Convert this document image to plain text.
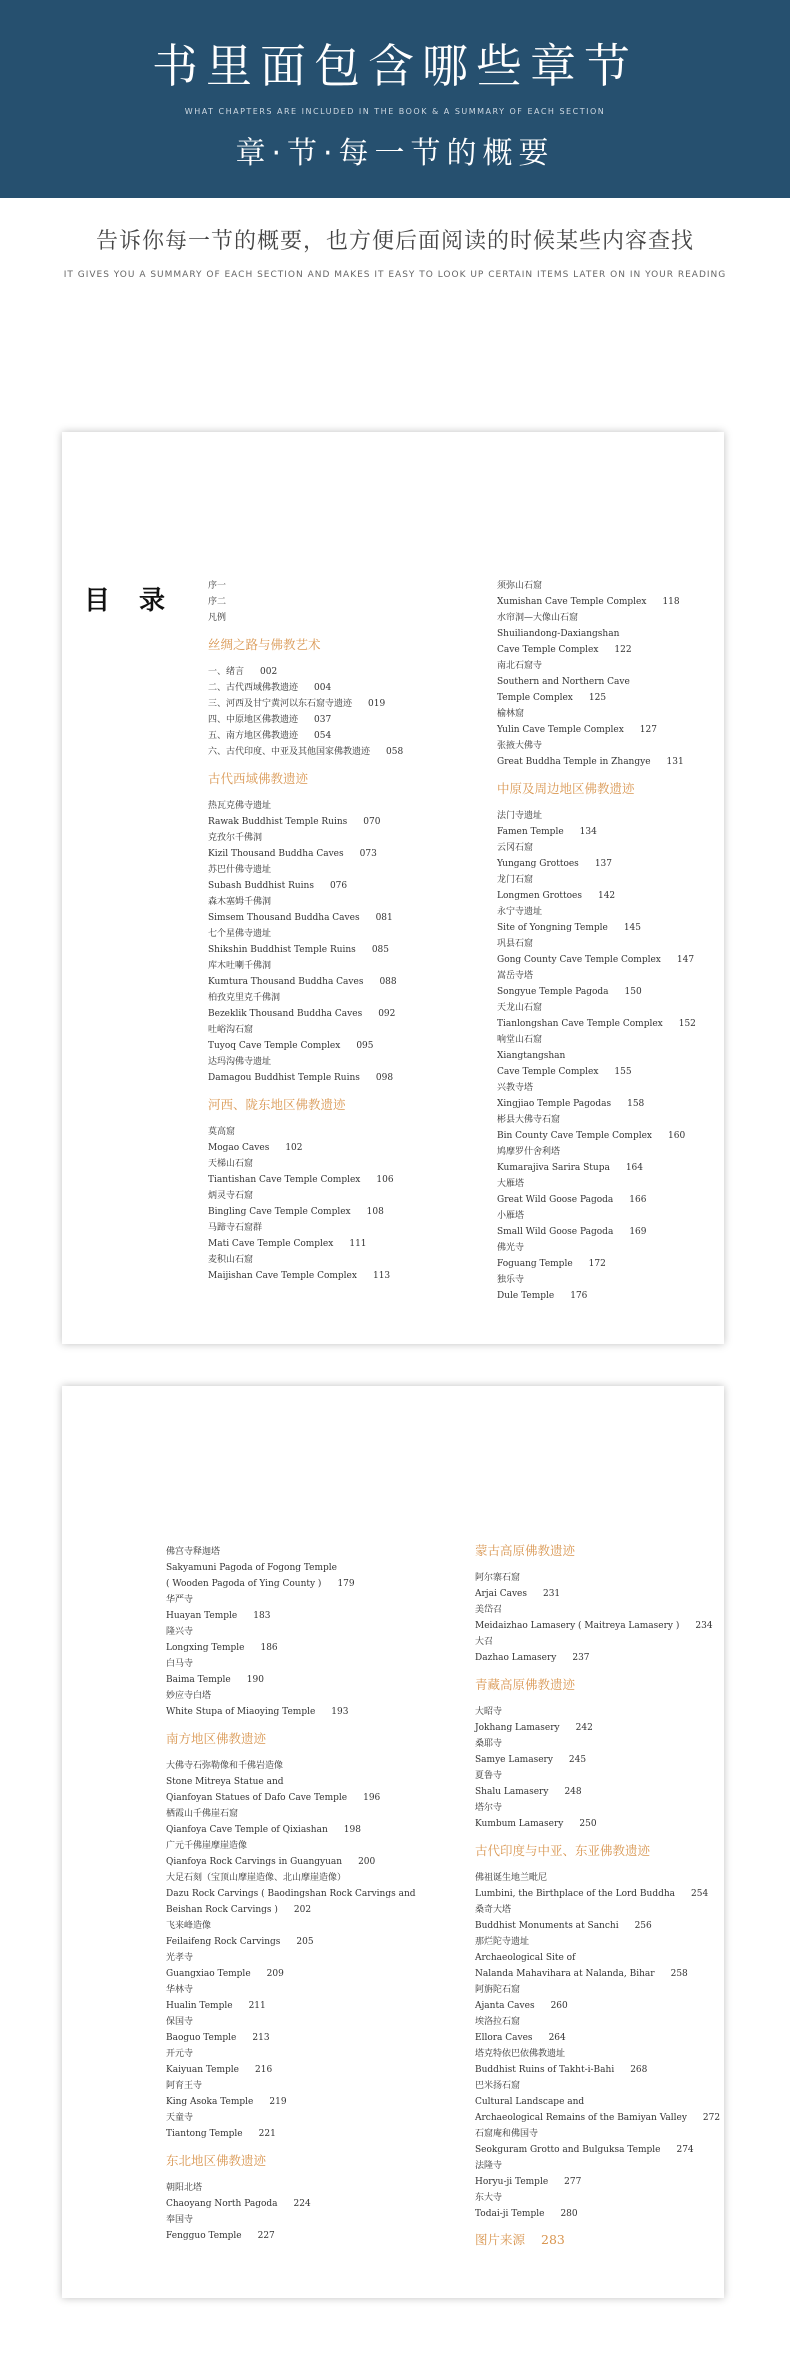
书里面包含哪些章节
WHAT CHAPTERS ARE INCLUDED IN THE BOOK & A SUMMARY OF EACH SECTION
章·节·每一节的概要
告诉你每一节的概要，也方便后面阅读的时候某些内容查找
IT GIVES YOU A SUMMARY OF EACH SECTION AND MAKES IT EASY TO LOOK UP CERTAIN ITEMS LATER ON IN YOUR READING
目 录	序一
序二
凡例
丝绸之路与佛教艺术
一、绪言 002
二、古代西域佛教遗迹 004
三、河西及甘宁黄河以东石窟寺遗迹 019
四、中原地区佛教遗迹 037
五、南方地区佛教遗迹 054
六、古代印度、中亚及其他国家佛教遗迹 058
古代西域佛教遗迹
热瓦克佛寺遗址
Rawak Buddhist Temple Ruins 070
克孜尔千佛洞
Kizil Thousand Buddha Caves 073
苏巴什佛寺遗址
Subash Buddhist Ruins 076
森木塞姆千佛洞
Simsem Thousand Buddha Caves 081
七个星佛寺遗址
Shikshin Buddhist Temple Ruins 085
库木吐喇千佛洞
Kumtura Thousand Buddha Caves 088
柏孜克里克千佛洞
Bezeklik Thousand Buddha Caves 092
吐峪沟石窟
Tuyoq Cave Temple Complex 095
达玛沟佛寺遗址
Damagou Buddhist Temple Ruins 098
河西、陇东地区佛教遗迹
莫高窟
Mogao Caves 102
天梯山石窟
Tiantishan Cave Temple Complex 106
炳灵寺石窟
Bingling Cave Temple Complex 108
马蹄寺石窟群
Mati Cave Temple Complex 111
麦积山石窟
Maijishan Cave Temple Complex 113
须弥山石窟
Xumishan Cave Temple Complex 118
水帘洞—大像山石窟
Shuiliandong-Daxiangshan
Cave Temple Complex 122
南北石窟寺
Southern and Northern Cave
Temple Complex 125
榆林窟
Yulin Cave Temple Complex 127
张掖大佛寺
Great Buddha Temple in Zhangye 131
中原及周边地区佛教遗迹
法门寺遗址
Famen Temple 134
云冈石窟
Yungang Grottoes 137
龙门石窟
Longmen Grottoes 142
永宁寺遗址
Site of Yongning Temple 145
巩县石窟
Gong County Cave Temple Complex 147
嵩岳寺塔
Songyue Temple Pagoda 150
天龙山石窟
Tianlongshan Cave Temple Complex 152
响堂山石窟
Xiangtangshan
Cave Temple Complex 155
兴教寺塔
Xingjiao Temple Pagodas 158
彬县大佛寺石窟
Bin County Cave Temple Complex 160
鸠摩罗什舍利塔
Kumarajiva Sarira Stupa 164
大雁塔
Great Wild Goose Pagoda 166
小雁塔
Small Wild Goose Pagoda 169
佛光寺
Foguang Temple 172
独乐寺
Dule Temple 176
佛宫寺释迦塔
Sakyamuni Pagoda of Fogong Temple
( Wooden Pagoda of Ying County ) 179
华严寺
Huayan Temple 183
隆兴寺
Longxing Temple 186
白马寺
Baima Temple 190
妙应寺白塔
White Stupa of Miaoying Temple 193
南方地区佛教遗迹
大佛寺石弥勒像和千佛岩造像
Stone Mitreya Statue and
Qianfoyan Statues of Dafo Cave Temple 196
栖霞山千佛崖石窟
Qianfoya Cave Temple of Qixiashan 198
广元千佛崖摩崖造像
Qianfoya Rock Carvings in Guangyuan 200
大足石刻（宝顶山摩崖造像、北山摩崖造像）
Dazu Rock Carvings ( Baodingshan Rock Carvings and
Beishan Rock Carvings ) 202
飞来峰造像
Feilaifeng Rock Carvings 205
光孝寺
Guangxiao Temple 209
华林寺
Hualin Temple 211
保国寺
Baoguo Temple 213
开元寺
Kaiyuan Temple 216
阿育王寺
King Asoka Temple 219
天童寺
Tiantong Temple 221
东北地区佛教遗迹
朝阳北塔
Chaoyang North Pagoda 224
奉国寺
Fengguo Temple 227
蒙古高原佛教遗迹
阿尔寨石窟
Arjai Caves 231
美岱召
Meidaizhao Lamasery ( Maitreya Lamasery ) 234
大召
Dazhao Lamasery 237
青藏高原佛教遗迹
大昭寺
Jokhang Lamasery 242
桑耶寺
Samye Lamasery 245
夏鲁寺
Shalu Lamasery 248
塔尔寺
Kumbum Lamasery 250
古代印度与中亚、东亚佛教遗迹
佛祖诞生地兰毗尼
Lumbini, the Birthplace of the Lord Buddha 254
桑奇大塔
Buddhist Monuments at Sanchi 256
那烂陀寺遗址
Archaeological Site of
Nalanda Mahavihara at Nalanda, Bihar 258
阿旃陀石窟
Ajanta Caves 260
埃洛拉石窟
Ellora Caves 264
塔克特依巴依佛教遗址
Buddhist Ruins of Takht-i-Bahi 268
巴米扬石窟
Cultural Landscape and
Archaeological Remains of the Bamiyan Valley 272
石窟庵和佛国寺
Seokguram Grotto and Bulguksa Temple 274
法隆寺
Horyu-ji Temple 277
东大寺
Todai-ji Temple 280
图片来源 283
